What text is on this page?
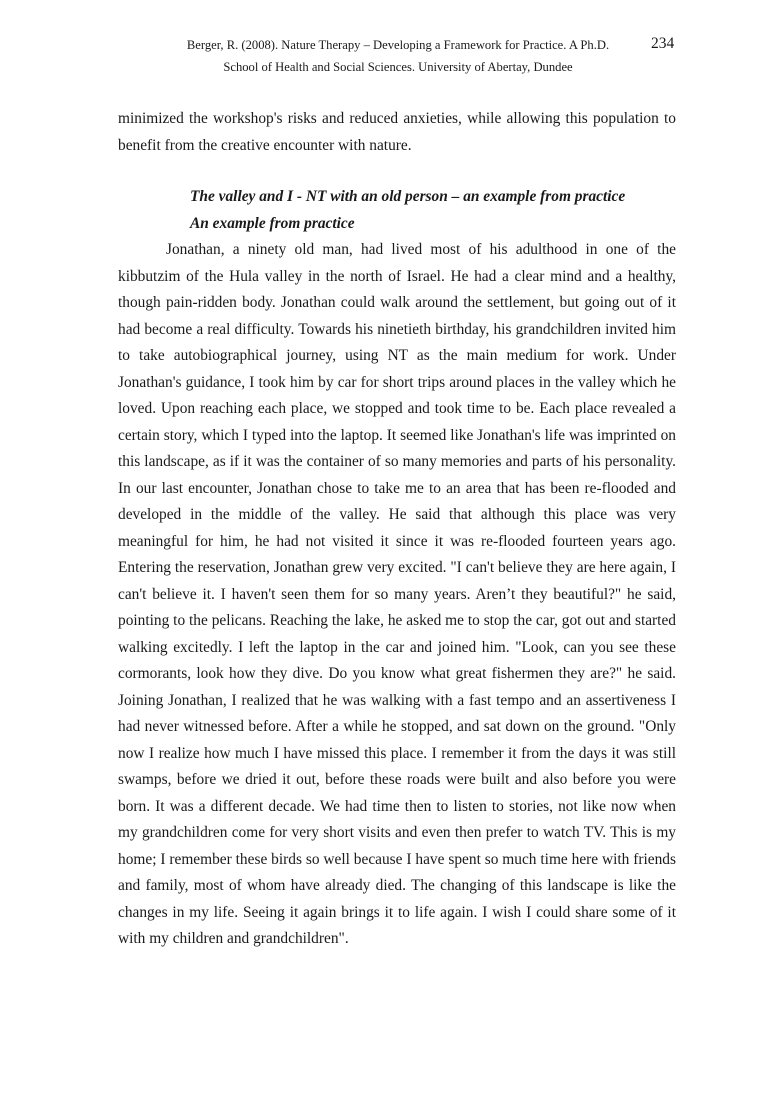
Berger, R. (2008). Nature Therapy – Developing a Framework for Practice. A Ph.D.
School of Health and Social Sciences. University of Abertay, Dundee
234

minimized the workshop's risks and reduced anxieties, while allowing this population to benefit from the creative encounter with nature.

The valley and I - NT with an old person – an example from practice

An example from practice

Jonathan, a ninety old man, had lived most of his adulthood in one of the kibbutzim of the Hula valley in the north of Israel. He had a clear mind and a healthy, though pain-ridden body. Jonathan could walk around the settlement, but going out of it had become a real difficulty. Towards his ninetieth birthday, his grandchildren invited him to take autobiographical journey, using NT as the main medium for work. Under Jonathan's guidance, I took him by car for short trips around places in the valley which he loved. Upon reaching each place, we stopped and took time to be. Each place revealed a certain story, which I typed into the laptop. It seemed like Jonathan's life was imprinted on this landscape, as if it was the container of so many memories and parts of his personality. In our last encounter, Jonathan chose to take me to an area that has been re-flooded and developed in the middle of the valley. He said that although this place was very meaningful for him, he had not visited it since it was re-flooded fourteen years ago. Entering the reservation, Jonathan grew very excited. "I can't believe they are here again, I can't believe it. I haven't seen them for so many years. Aren’t they beautiful?" he said, pointing to the pelicans. Reaching the lake, he asked me to stop the car, got out and started walking excitedly. I left the laptop in the car and joined him. "Look, can you see these cormorants, look how they dive. Do you know what great fishermen they are?" he said. Joining Jonathan, I realized that he was walking with a fast tempo and an assertiveness I had never witnessed before. After a while he stopped, and sat down on the ground. "Only now I realize how much I have missed this place. I remember it from the days it was still swamps, before we dried it out, before these roads were built and also before you were born. It was a different decade. We had time then to listen to stories, not like now when my grandchildren come for very short visits and even then prefer to watch TV. This is my home; I remember these birds so well because I have spent so much time here with friends and family, most of whom have already died. The changing of this landscape is like the changes in my life. Seeing it again brings it to life again. I wish I could share some of it with my children and grandchildren".
